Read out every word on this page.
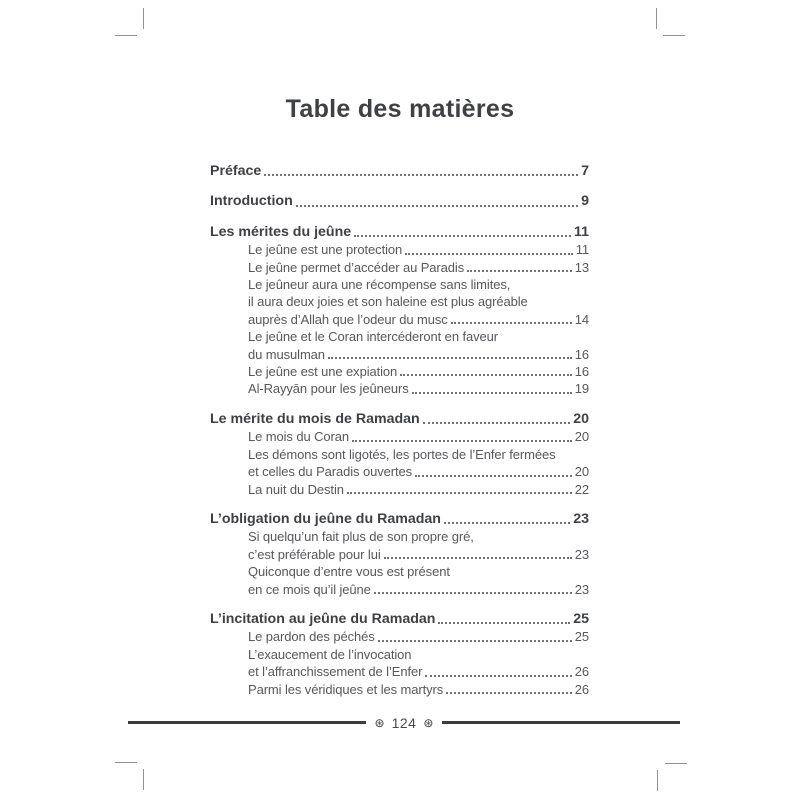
Table des matières
Préface	7
Introduction	9
Les mérites du jeûne	11
Le jeûne est une protection	11
Le jeûne permet d’accéder au Paradis	13
Le jeûneur aura une récompense sans limites,
il aura deux joies et son haleine est plus agréable
auprès d’Allah que l’odeur du musc	14
Le jeûne et le Coran intercéderont en faveur
du musulman	16
Le jeûne est une expiation	16
Al-Rayyān pour les jeûneurs	19
Le mérite du mois de Ramadan	20
Le mois du Coran	20
Les démons sont ligotés, les portes de l’Enfer fermées
et celles du Paradis ouvertes	20
La nuit du Destin	22
L’obligation du jeûne du Ramadan	23
Si quelqu’un fait plus de son propre gré,
c’est préférable pour lui	23
Quiconque d’entre vous est présent
en ce mois qu’il jeûne	23
L’incitation au jeûne du Ramadan	25
Le pardon des péchés	25
L’exaucement de l’invocation
et l’affranchissement de l’Enfer	26
Parmi les véridiques et les martyrs	26
⊛ 124 ⊛
